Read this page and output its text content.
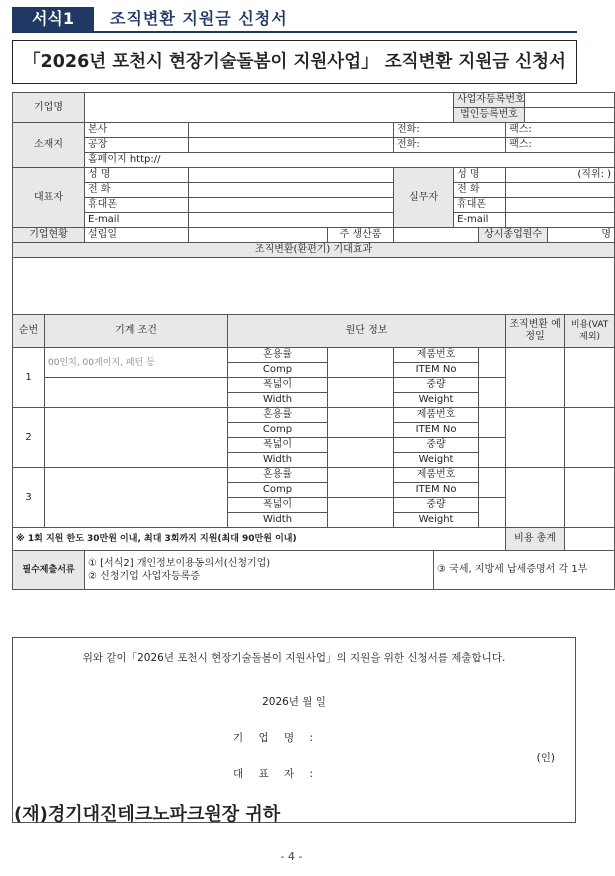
서식1	조직변환 지원금 신청서
「2026년 포천시 현장기술돌봄이 지원사업」 조직변환 지원금 신청서
기업명								사업자등록번호					
								법인등록번호					
소재지		본사				전화:				팩스:			
		공장				전화:				팩스:			
		홈페이지 http://											
대표자		성 명				실무자		성 명		(직위: )			
		전 화						전 화					
		휴대폰						휴대폰					
		E-mail						E-mail					
기업현황		설립일			주 생산품				상시종업원수			명	
조직변환(환편기) 기대효과													

순번	기계 조건			원단 정보						조직변환 예정일			비용(VAT제외)
1	00인치, 00게이지, 패턴 등			혼용률		제품번호							
				Comp		ITEM No							
				폭넓이		중량							
				Width		Weight							
2				혼용률		제품번호							
				Comp		ITEM No							
				폭넓이		중량							
				Width		Weight							
3				혼용률		제품번호							
				Comp		ITEM No							
				폭넓이		중량							
				Width		Weight							
※ 1회 지원 한도 30만원 이내, 최대 3회까지 지원(최대 90만원 이내)										비용 총계			
필수제출서류		① [서식2] 개인정보이용동의서(신청기업)
② 신청기업 사업자등록증					③ 국세, 지방세 납세증명서 각 1부						
위와 같이「2026년 포천시 현장기술돌봄이 지원사업」의 지원을 위한 신청서를 제출합니다.
2026년 월 일
기 업 명 :
(인)
대 표 자 :
(재)경기대진테크노파크원장 귀하
- 4 -
